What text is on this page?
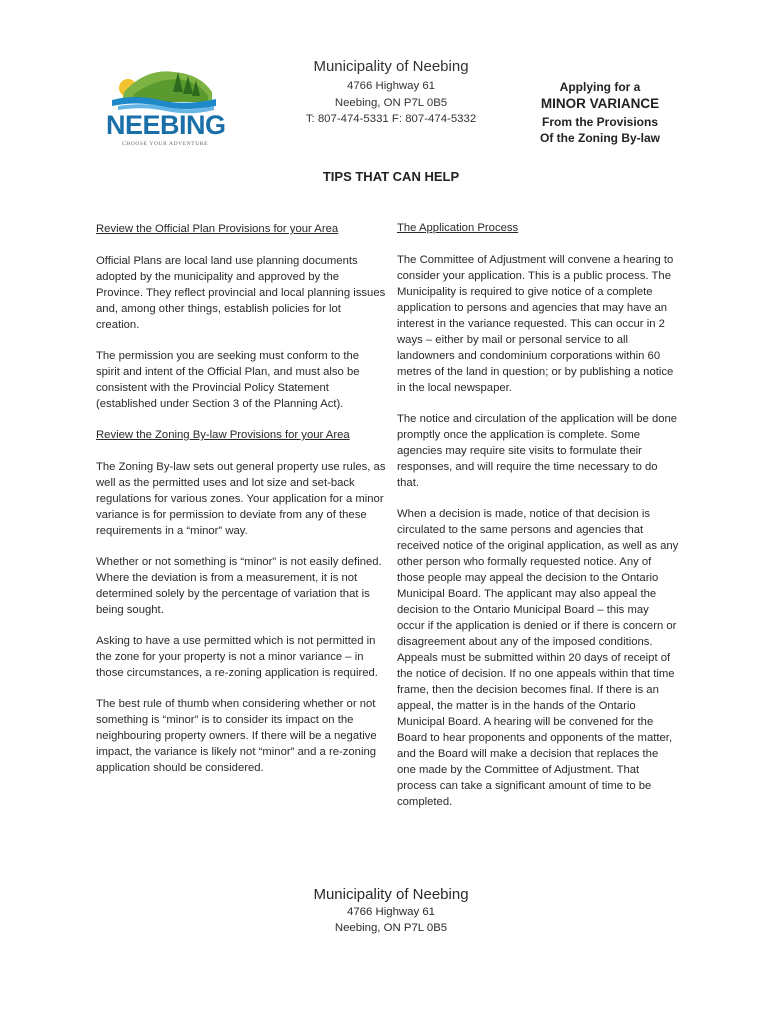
NEEBING
CHOOSE YOUR ADVENTURE
Municipality of Neebing
4766 Highway 61
Neebing, ON P7L 0B5
T: 807-474-5331 F: 807-474-5332
Applying for a
MINOR VARIANCE
From the Provisions
Of the Zoning By-law
TIPS THAT CAN HELP
Review the Official Plan Provisions for your Area

Official Plans are local land use planning documents adopted by the municipality and approved by the Province. They reflect provincial and local planning issues and, among other things, establish policies for lot creation.

The permission you are seeking must conform to the spirit and intent of the Official Plan, and must also be consistent with the Provincial Policy Statement (established under Section 3 of the Planning Act).

Review the Zoning By-law Provisions for your Area

The Zoning By-law sets out general property use rules, as well as the permitted uses and lot size and set-back regulations for various zones. Your application for a minor variance is for permission to deviate from any of these requirements in a “minor” way.

Whether or not something is “minor” is not easily defined. Where the deviation is from a measurement, it is not determined solely by the percentage of variation that is being sought.

Asking to have a use permitted which is not permitted in the zone for your property is not a minor variance – in those circumstances, a re-zoning application is required.

The best rule of thumb when considering whether or not something is “minor” is to consider its impact on the neighbouring property owners. If there will be a negative impact, the variance is likely not “minor” and a re-zoning application should be considered.

The Application Process

The Committee of Adjustment will convene a hearing to consider your application. This is a public process. The Municipality is required to give notice of a complete application to persons and agencies that may have an interest in the variance requested. This can occur in 2 ways – either by mail or personal service to all landowners and condominium corporations within 60 metres of the land in question; or by publishing a notice in the local newspaper.

The notice and circulation of the application will be done promptly once the application is complete. Some agencies may require site visits to formulate their responses, and will require the time necessary to do that.

When a decision is made, notice of that decision is circulated to the same persons and agencies that received notice of the original application, as well as any other person who formally requested notice. Any of those people may appeal the decision to the Ontario Municipal Board. The applicant may also appeal the decision to the Ontario Municipal Board – this may occur if the application is denied or if there is concern or disagreement about any of the imposed conditions. Appeals must be submitted within 20 days of receipt of the notice of decision. If no one appeals within that time frame, then the decision becomes final. If there is an appeal, the matter is in the hands of the Ontario Municipal Board. A hearing will be convened for the Board to hear proponents and opponents of the matter, and the Board will make a decision that replaces the one made by the Committee of Adjustment. That process can take a significant amount of time to be completed.

Municipality of Neebing
4766 Highway 61
Neebing, ON P7L 0B5
